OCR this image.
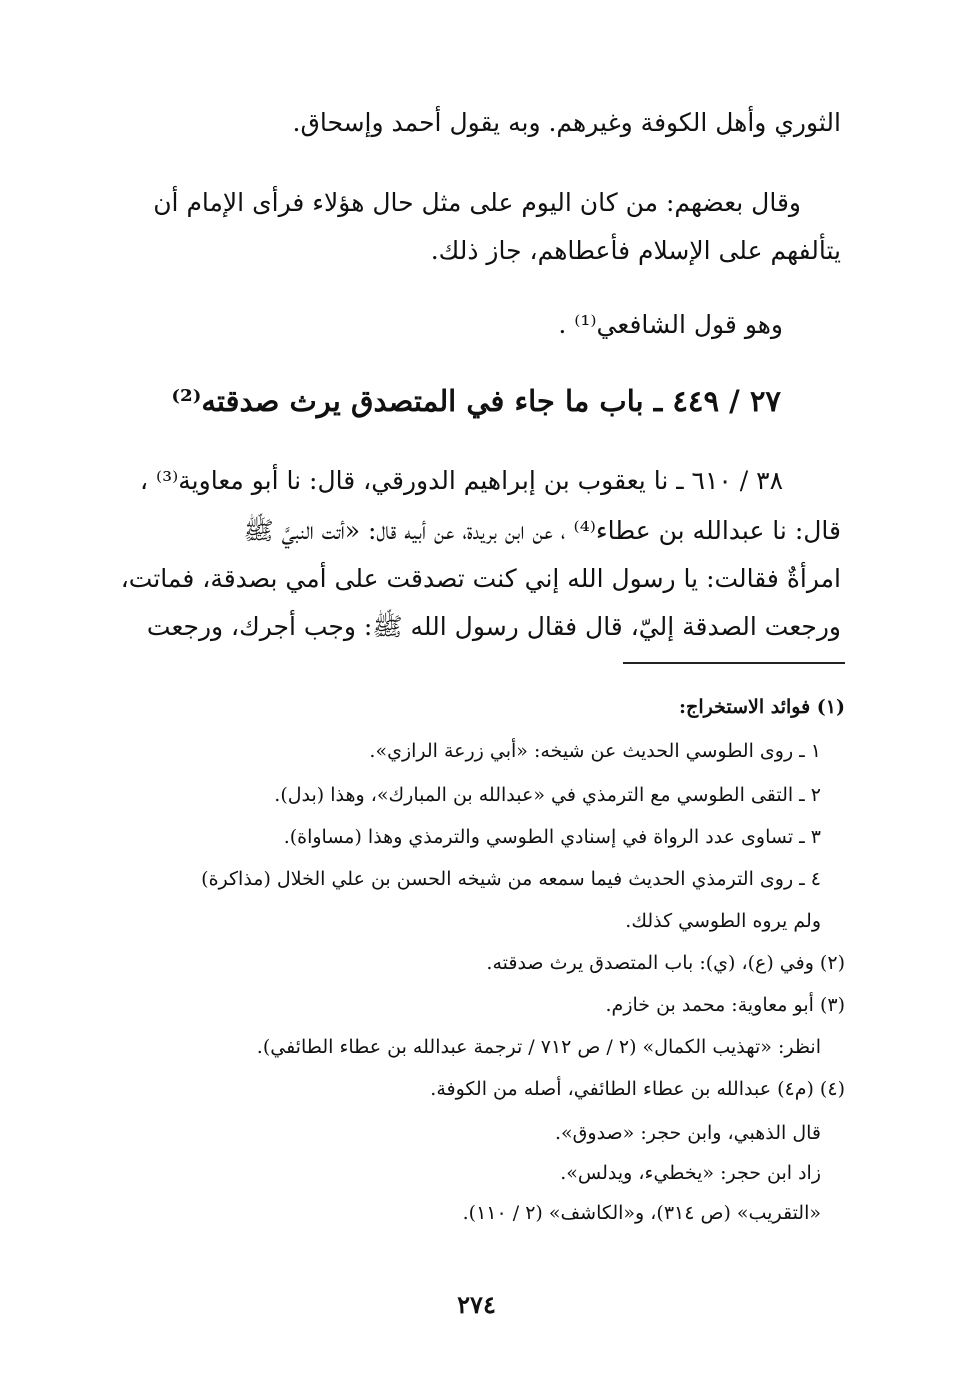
الثوري وأهل الكوفة وغيرهم. وبه يقول أحمد وإسحاق.

وقال بعضهم: من كان اليوم على مثل حال هؤلاء فرأى الإمام أن

يتألفهم على الإسلام فأعطاهم، جاز ذلك.

وهو قول الشافعي⁽¹⁾ .

٢٧ / ٤٤٩ ـ باب ما جاء في المتصدق يرث صدقته⁽²⁾

٣٨ / ٦١٠ ـ نا يعقوب بن إبراهيم الدورقي، قال: نا أبو معاوية⁽³⁾ ،

قال: نا عبدالله بن عطاء⁽⁴⁾ ، عن ابن بريدة، عن أبيه قال: «أتت النبيَّ ﷺ

امرأةٌ فقالت: يا رسول الله إني كنت تصدقت على أمي بصدقة، فماتت،

ورجعت الصدقة إليّ، قال فقال رسول الله ﷺ: وجب أجرك، ورجعت

(١) فوائد الاستخراج:

١ ـ روى الطوسي الحديث عن شيخه: «أبي زرعة الرازي».

٢ ـ التقى الطوسي مع الترمذي في «عبدالله بن المبارك»، وهذا (بدل).

٣ ـ تساوى عدد الرواة في إسنادي الطوسي والترمذي وهذا (مساواة).

٤ ـ روى الترمذي الحديث فيما سمعه من شيخه الحسن بن علي الخلال (مذاكرة)

ولم يروه الطوسي كذلك.

(٢) وفي (ع)، (ي): باب المتصدق يرث صدقته.

(٣) أبو معاوية: محمد بن خازم.

انظر: «تهذيب الكمال» (٢ / ص ٧١٢ / ترجمة عبدالله بن عطاء الطائفي).

(٤) (م٤) عبدالله بن عطاء الطائفي، أصله من الكوفة.

قال الذهبي، وابن حجر: «صدوق».

زاد ابن حجر: «يخطيء، ويدلس».

«التقريب» (ص ٣١٤)، و«الكاشف» (٢ / ١١٠).

٢٧٤
